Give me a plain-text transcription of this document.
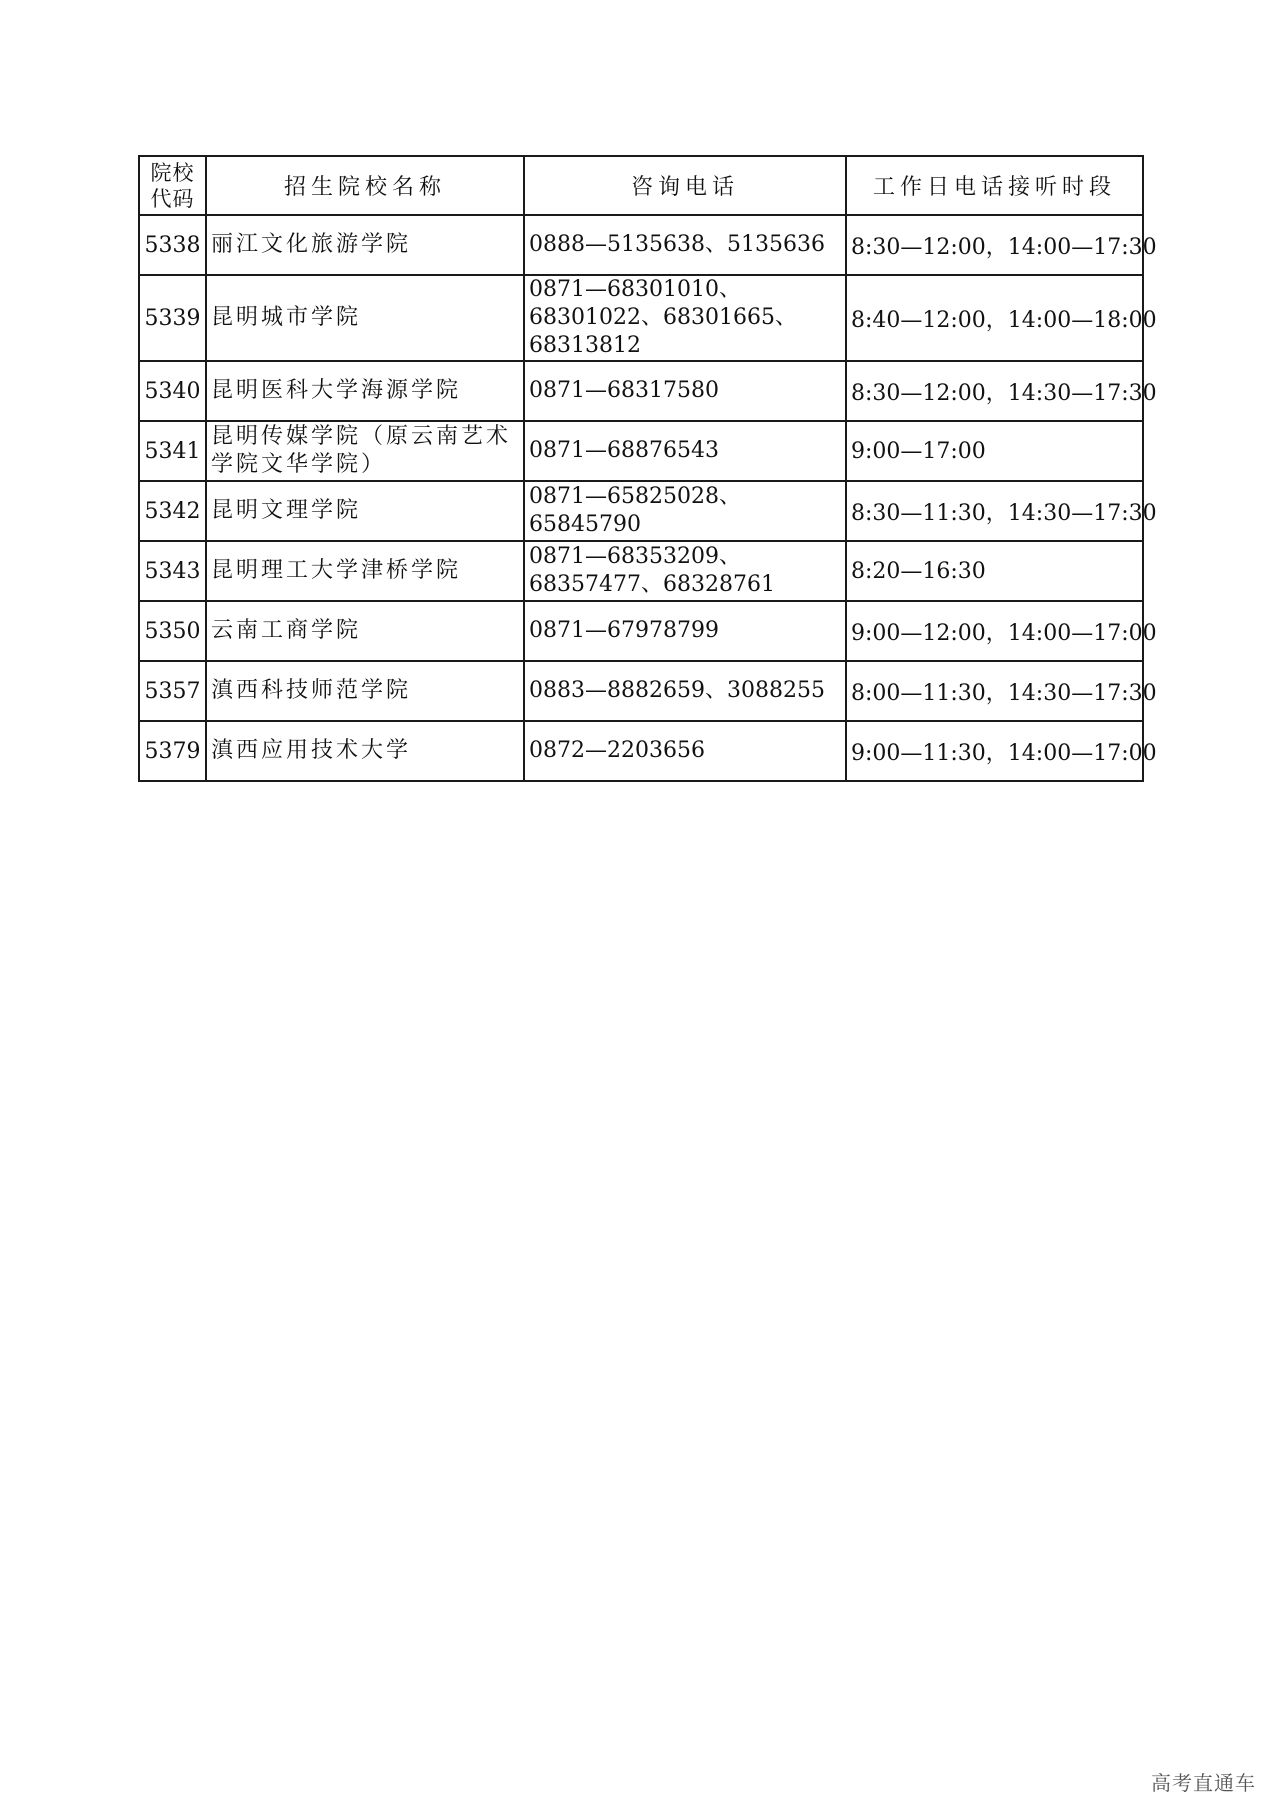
院校
代码	招生院校名称	咨询电话	工作日电话接听时段
5338	丽江文化旅游学院	0888—5135638、5135636	8:30—12:00，14:00—17:30
5339	昆明城市学院	0871—68301010、68301022、68301665、68313812	8:40—12:00，14:00—18:00
5340	昆明医科大学海源学院	0871—68317580	8:30—12:00，14:30—17:30
5341	昆明传媒学院（原云南艺术学院文华学院）	0871—68876543	9:00—17:00
5342	昆明文理学院	0871—65825028、65845790	8:30—11:30，14:30—17:30
5343	昆明理工大学津桥学院	0871—68353209、68357477、68328761	8:20—16:30
5350	云南工商学院	0871—67978799	9:00—12:00，14:00—17:00
5357	滇西科技师范学院	0883—8882659、3088255	8:00—11:30，14:30—17:30
5379	滇西应用技术大学	0872—2203656	9:00—11:30，14:00—17:00
高考直通车
